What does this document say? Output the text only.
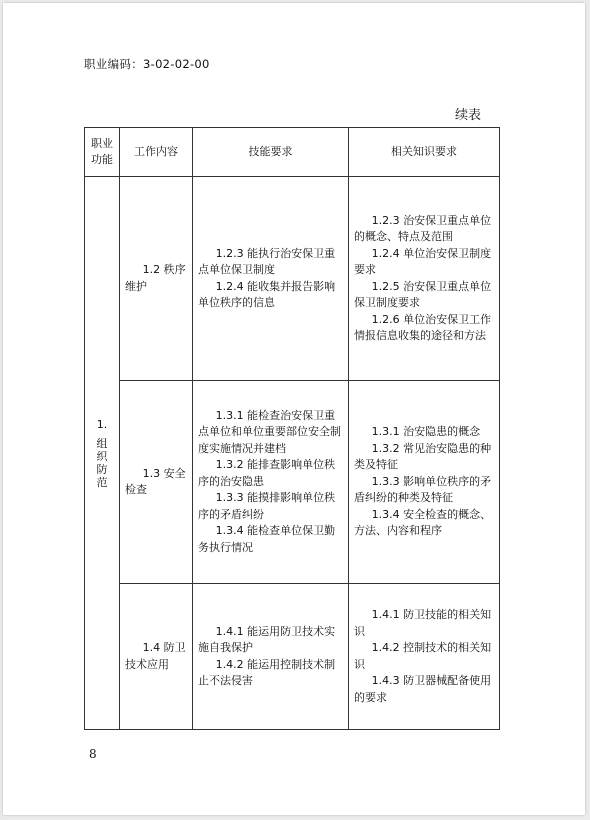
职业编码：3-02-02-00
续表
职业功能
工作内容	技能要求	相关知识要求
1.
组织防范

1.2 秩序维护

1.2.3 能执行治安保卫重点单位保卫制度

1.2.4 能收集并报告影响单位秩序的信息

1.2.3 治安保卫重点单位的概念、特点及范围

1.2.4 单位治安保卫制度要求

1.2.5 治安保卫重点单位保卫制度要求

1.2.6 单位治安保卫工作情报信息收集的途径和方法

1.3 安全检查

1.3.1 能检查治安保卫重点单位和单位重要部位安全制度实施情况并建档

1.3.2 能排查影响单位秩序的治安隐患

1.3.3 能摸排影响单位秩序的矛盾纠纷

1.3.4 能检查单位保卫勤务执行情况

1.3.1 治安隐患的概念

1.3.2 常见治安隐患的种类及特征

1.3.3 影响单位秩序的矛盾纠纷的种类及特征

1.3.4 安全检查的概念、方法、内容和程序

1.4 防卫技术应用

1.4.1 能运用防卫技术实施自我保护

1.4.2 能运用控制技术制止不法侵害

1.4.1 防卫技能的相关知识

1.4.2 控制技术的相关知识

1.4.3 防卫器械配备使用的要求

8
